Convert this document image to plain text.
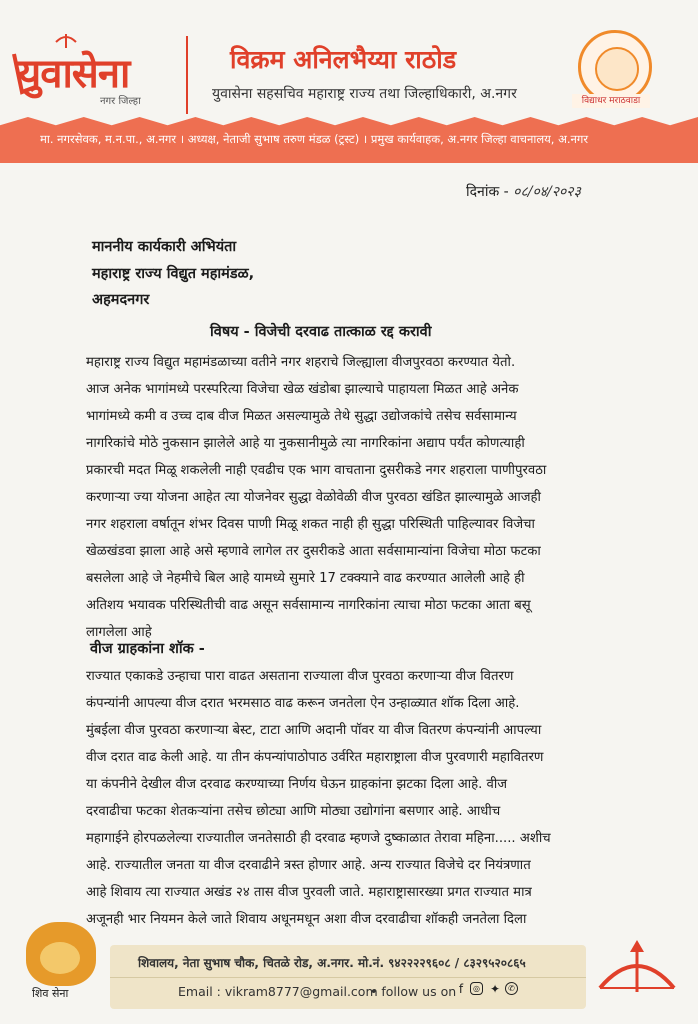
युवासेना
नगर जिल्हा
विक्रम अनिलभैय्या राठोड
युवासेना सहसचिव महाराष्ट्र राज्य तथा जिल्हाधिकारी, अ.नगर	विद्याधर मराठवाडा
मा. नगरसेवक, म.न.पा., अ.नगर । अध्यक्ष, नेताजी सुभाष तरुण मंडळ (ट्रस्ट) । प्रमुख कार्यवाहक, अ.नगर जिल्हा वाचनालय, अ.नगर
दिनांक - ०८/०४/२०२३
माननीय कार्यकारी अभियंता
महाराष्ट्र राज्य विद्युत महामंडळ,
अहमदनगर
विषय - विजेची दरवाढ तात्काळ रद्द करावी

महाराष्ट्र राज्य विद्युत महामंडळाच्या वतीने नगर शहराचे जिल्ह्याला वीजपुरवठा करण्यात येतो.
आज अनेक भागांमध्ये परस्परित्या विजेचा खेळ खंडोबा झाल्याचे पाहायला मिळत आहे अनेक
भागांमध्ये कमी व उच्च दाब वीज मिळत असल्यामुळे तेथे सुद्धा उद्योजकांचे तसेच सर्वसामान्य
नागरिकांचे मोठे नुकसान झालेले आहे या नुकसानीमुळे त्या नागरिकांना अद्याप पर्यंत कोणत्याही
प्रकारची मदत मिळू शकलेली नाही एवढीच एक भाग वाचताना दुसरीकडे नगर शहराला पाणीपुरवठा
करणाऱ्या ज्या योजना आहेत त्या योजनेवर सुद्धा वेळोवेळी वीज पुरवठा खंडित झाल्यामुळे आजही
नगर शहराला वर्षातून शंभर दिवस पाणी मिळू शकत नाही ही सुद्धा परिस्थिती पाहिल्यावर विजेचा
खेळखंडवा झाला आहे असे म्हणावे लागेल तर दुसरीकडे आता सर्वसामान्यांना विजेचा मोठा फटका
बसलेला आहे जे नेहमीचे बिल आहे यामध्ये सुमारे 17 टक्क्याने वाढ करण्यात आलेली आहे ही
अतिशय भयावक परिस्थितीची वाढ असून सर्वसामान्य नागरिकांना त्याचा मोठा फटका आता बसू
लागलेला आहे

वीज ग्राहकांना शॉक -

राज्यात एकाकडे उन्हाचा पारा वाढत असताना राज्याला वीज पुरवठा करणाऱ्या वीज वितरण
कंपन्यांनी आपल्या वीज दरात भरमसाठ वाढ करून जनतेला ऐन उन्हाळ्यात शॉक दिला आहे.
मुंबईला वीज पुरवठा करणाऱ्या बेस्ट, टाटा आणि अदानी पॉवर या वीज वितरण कंपन्यांनी आपल्या
वीज दरात वाढ केली आहे. या तीन कंपन्यांपाठोपाठ उर्वरित महाराष्ट्राला वीज पुरवणारी महावितरण
या कंपनीने देखील वीज दरवाढ करण्याच्या निर्णय घेऊन ग्राहकांना झटका दिला आहे. वीज
दरवाढीचा फटका शेतकऱ्यांना तसेच छोट्या आणि मोठ्या उद्योगांना बसणार आहे. आधीच
महागाईने होरपळलेल्या राज्यातील जनतेसाठी ही दरवाढ म्हणजे दुष्काळात तेरावा महिना..... अशीच
आहे. राज्यातील जनता या वीज दरवाढीने त्रस्त होणार आहे. अन्य राज्यात विजेचे दर नियंत्रणात
आहे शिवाय त्या राज्यात अखंड २४ तास वीज पुरवली जाते. महाराष्ट्रासारख्या प्रगत राज्यात मात्र
अजूनही भार नियमन केले जाते शिवाय अधूनमधून अशा वीज दरवाढीचा शॉकही जनतेला दिला

शिव सेना
शिवालय, नेता सुभाष चौक, चितळे रोड, अ.नगर. मो.नं. ९४२२२२९६०८ / ८३२९५२०८६५
Email : vikram8777@gmail.com
• follow us on f	◎ ✦	✆
